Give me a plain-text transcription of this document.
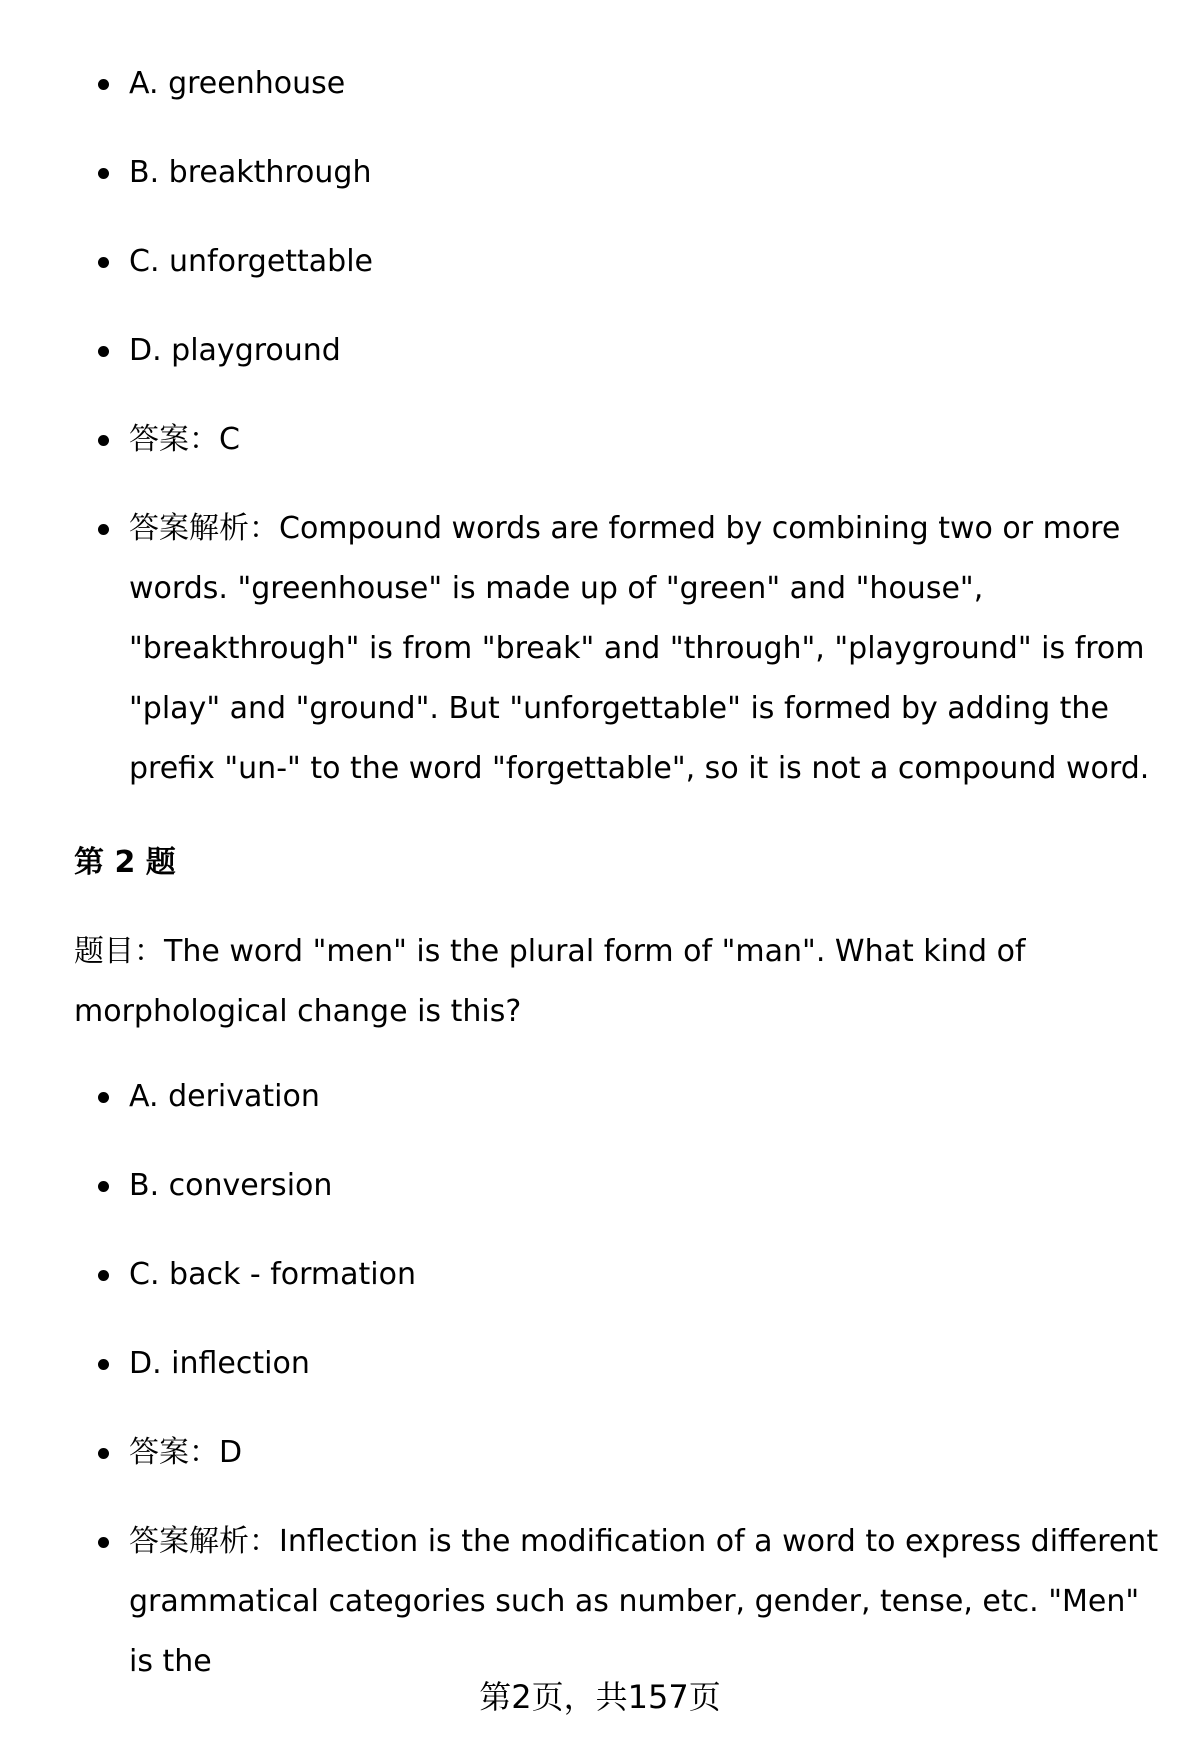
A. greenhouse
B. breakthrough
C. unforgettable
D. playground
答案：C
答案解析：Compound words are formed by combining two or more words. "greenhouse" is made up of "green" and "house", "breakthrough" is from "break" and "through", "playground" is from "play" and "ground". But "unforgettable" is formed by adding the prefix "un-" to the word "forgettable", so it is not a compound word.
第 2 题
题目：The word "men" is the plural form of "man". What kind of morphological change is this?
A. derivation
B. conversion
C. back - formation
D. inflection
答案：D
答案解析：Inflection is the modification of a word to express different grammatical categories such as number, gender, tense, etc. "Men" is the
第2页，共157页
